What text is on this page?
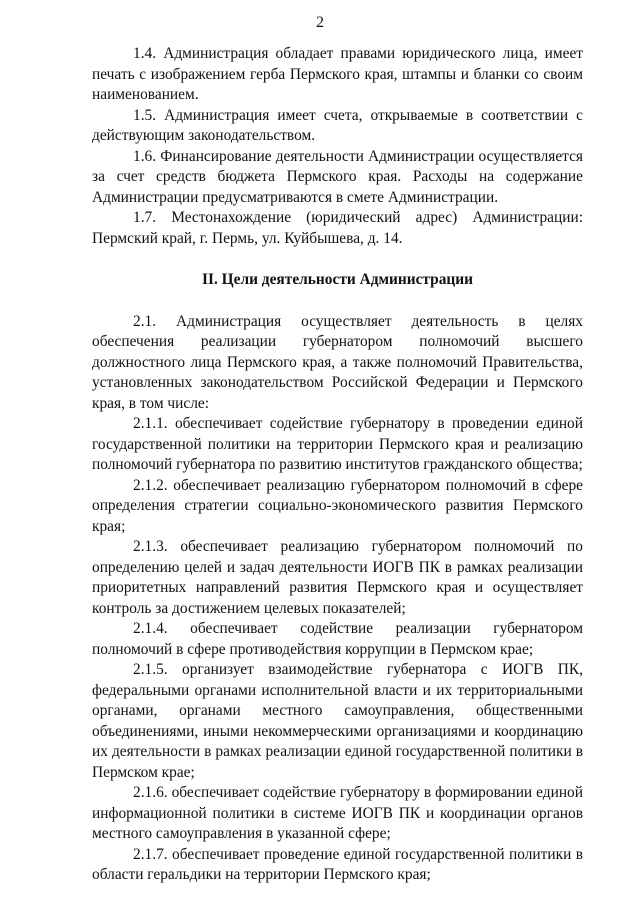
2

1.4. Администрация обладает правами юридического лица, имеет печать с изображением герба Пермского края, штампы и бланки со своим наименованием.

1.5. Администрация имеет счета, открываемые в соответствии с действующим законодательством.

1.6. Финансирование деятельности Администрации осуществляется за счет средств бюджета Пермского края. Расходы на содержание Администрации предусматриваются в смете Администрации.

1.7. Местонахождение (юридический адрес) Администрации: Пермский край, г. Пермь, ул. Куйбышева, д. 14.

II. Цели деятельности Администрации

2.1. Администрация осуществляет деятельность в целях обеспечения реализации губернатором полномочий высшего должностного лица Пермского края, а также полномочий Правительства, установленных законодательством Российской Федерации и Пермского края, в том числе:

2.1.1. обеспечивает содействие губернатору в проведении единой государственной политики на территории Пермского края и реализацию полномочий губернатора по развитию институтов гражданского общества;

2.1.2. обеспечивает реализацию губернатором полномочий в сфере определения стратегии социально-экономического развития Пермского края;

2.1.3. обеспечивает реализацию губернатором полномочий по определению целей и задач деятельности ИОГВ ПК в рамках реализации приоритетных направлений развития Пермского края и осуществляет контроль за достижением целевых показателей;

2.1.4. обеспечивает содействие реализации губернатором полномочий в сфере противодействия коррупции в Пермском крае;

2.1.5. организует взаимодействие губернатора с ИОГВ ПК, федеральными органами исполнительной власти и их территориальными органами, органами местного самоуправления, общественными объединениями, иными некоммерческими организациями и координацию их деятельности в рамках реализации единой государственной политики в Пермском крае;

2.1.6. обеспечивает содействие губернатору в формировании единой информационной политики в системе ИОГВ ПК и координации органов местного самоуправления в указанной сфере;

2.1.7. обеспечивает проведение единой государственной политики в области геральдики на территории Пермского края;
